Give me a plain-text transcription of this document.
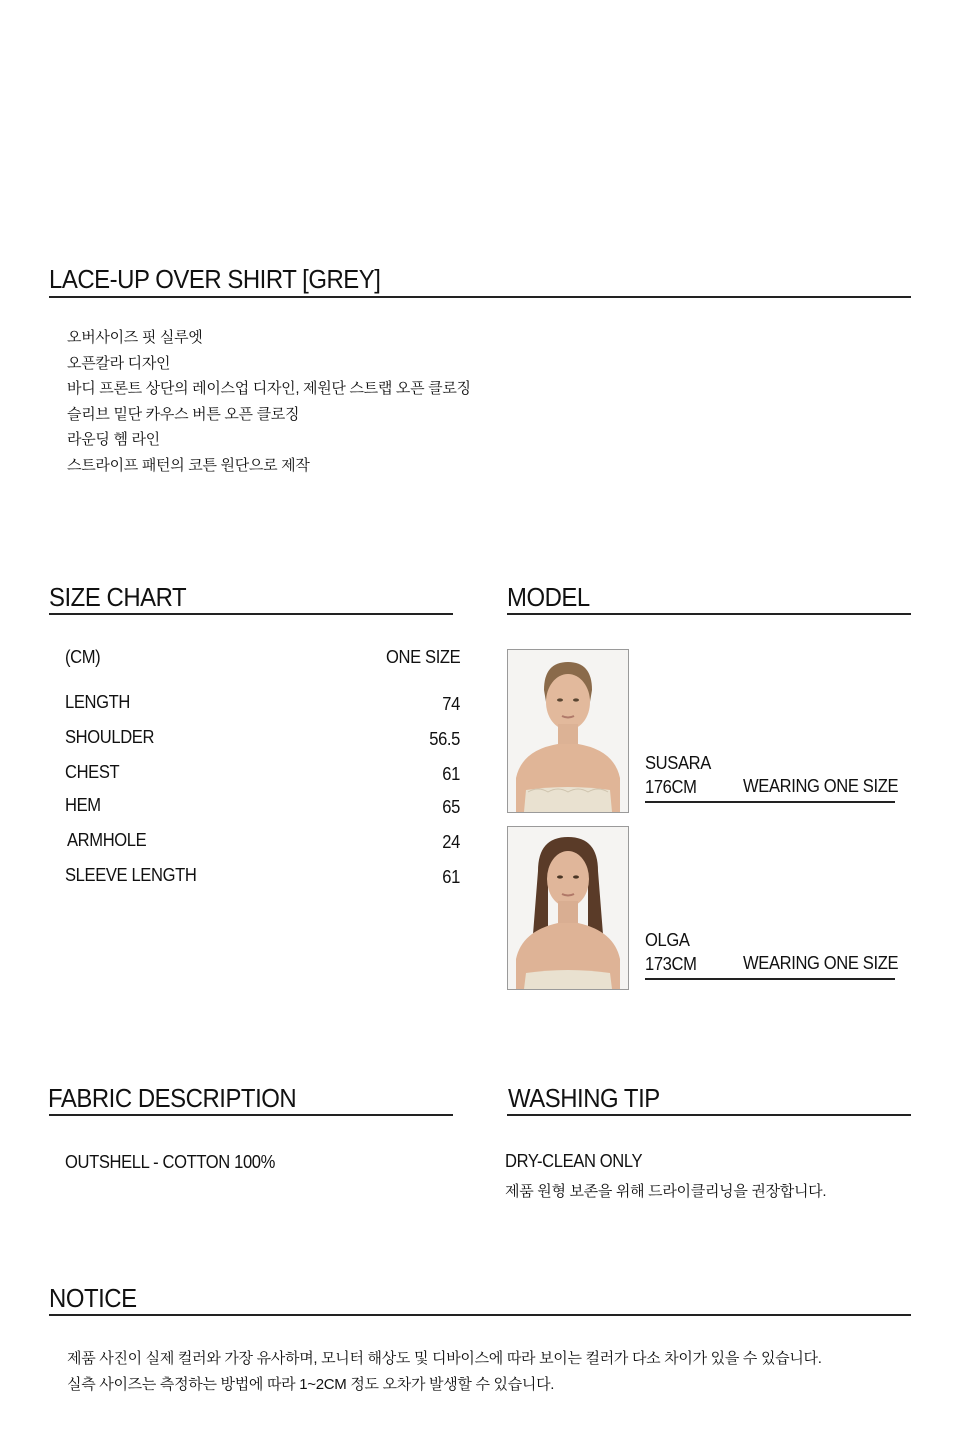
LACE-UP OVER SHIRT [GREY]
오버사이즈 핏 실루엣
오픈칼라 디자인
바디 프론트 상단의 레이스업 디자인, 제원단 스트랩 오픈 클로징
슬리브 밑단 카우스 버튼 오픈 클로징
라운딩 헴 라인
스트라이프 패턴의 코튼 원단으로 제작
SIZE CHART
(CM)	ONE SIZE
LENGTH	74
SHOULDER	56.5
CHEST	61
HEM	65
ARMHOLE	24
SLEEVE LENGTH	61
MODEL
SUSARA
176CM	WEARING ONE SIZE
OLGA
173CM	WEARING ONE SIZE
FABRIC DESCRIPTION
OUTSHELL - COTTON 100%
WASHING TIP
DRY-CLEAN ONLY
제품 원형 보존을 위해 드라이클리닝을 권장합니다.
NOTICE
제품 사진이 실제 컬러와 가장 유사하며, 모니터 해상도 및 디바이스에 따라 보이는 컬러가 다소 차이가 있을 수 있습니다.
실측 사이즈는 측정하는 방법에 따라 1~2CM 정도 오차가 발생할 수 있습니다.
